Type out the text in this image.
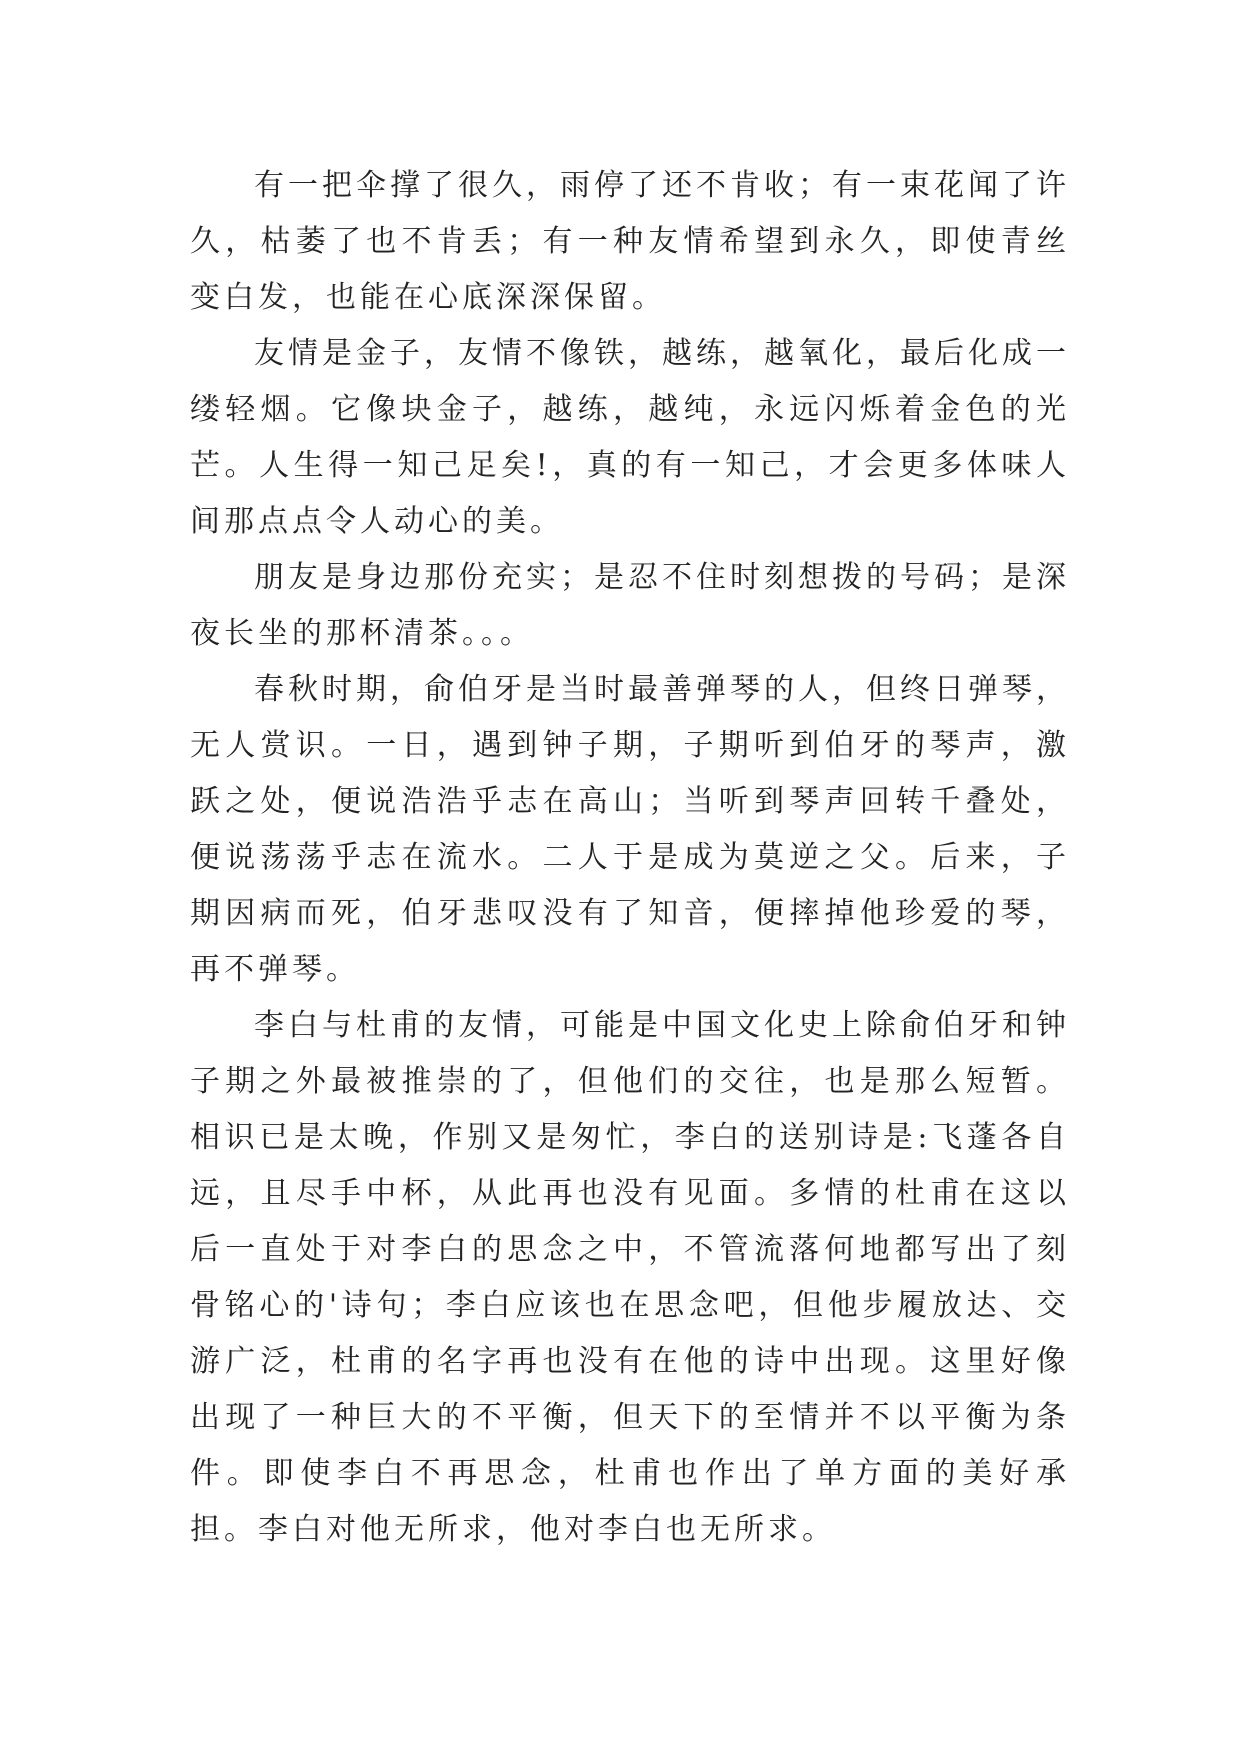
有一把伞撑了很久，雨停了还不肯收；有一束花闻了许久，枯萎了也不肯丢；有一种友情希望到永久，即使青丝变白发，也能在心底深深保留。

友情是金子，友情不像铁，越练，越氧化，最后化成一缕轻烟。它像块金子，越练，越纯，永远闪烁着金色的光芒。人生得一知己足矣!，真的有一知己，才会更多体味人间那点点令人动心的美。

朋友是身边那份充实；是忍不住时刻想拨的号码；是深夜长坐的那杯清茶。。。

春秋时期，俞伯牙是当时最善弹琴的人，但终日弹琴，无人赏识。一日，遇到钟子期，子期听到伯牙的琴声，激跃之处，便说浩浩乎志在高山；当听到琴声回转千叠处，便说荡荡乎志在流水。二人于是成为莫逆之父。后来，子期因病而死，伯牙悲叹没有了知音，便摔掉他珍爱的琴，再不弹琴。

李白与杜甫的友情，可能是中国文化史上除俞伯牙和钟子期之外最被推崇的了，但他们的交往，也是那么短暂。相识已是太晚，作别又是匆忙，李白的送别诗是:飞蓬各自远，且尽手中杯，从此再也没有见面。多情的杜甫在这以后一直处于对李白的思念之中，不管流落何地都写出了刻骨铭心的'诗句；李白应该也在思念吧，但他步履放达、交游广泛，杜甫的名字再也没有在他的诗中出现。这里好像出现了一种巨大的不平衡，但天下的至情并不以平衡为条件。即使李白不再思念，杜甫也作出了单方面的美好承担。李白对他无所求，他对李白也无所求。
